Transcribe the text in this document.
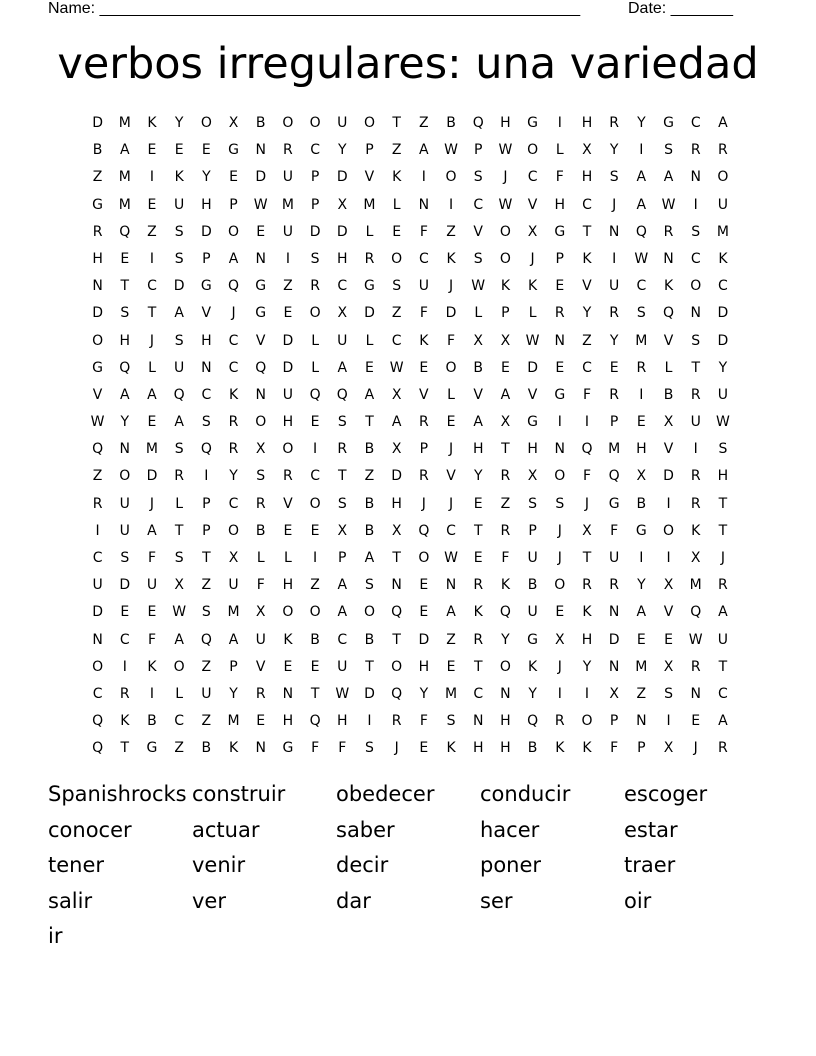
Name: ______________________________________________________	Date: _______
verbos irregulares: una variedad
D	M	K	Y	O	X	B	O	O	U	O	T	Z	B	Q	H	G	I	H	R	Y	G	C	A
B	A	E	E	E	G	N	R	C	Y	P	Z	A	W	P	W	O	L	X	Y	I	S	R	R
Z	M	I	K	Y	E	D	U	P	D	V	K	I	O	S	J	C	F	H	S	A	A	N	O
G	M	E	U	H	P	W	M	P	X	M	L	N	I	C	W	V	H	C	J	A	W	I	U
R	Q	Z	S	D	O	E	U	D	D	L	E	F	Z	V	O	X	G	T	N	Q	R	S	M
H	E	I	S	P	A	N	I	S	H	R	O	C	K	S	O	J	P	K	I	W	N	C	K
N	T	C	D	G	Q	G	Z	R	C	G	S	U	J	W	K	K	E	V	U	C	K	O	C
D	S	T	A	V	J	G	E	O	X	D	Z	F	D	L	P	L	R	Y	R	S	Q	N	D
O	H	J	S	H	C	V	D	L	U	L	C	K	F	X	X	W	N	Z	Y	M	V	S	D
G	Q	L	U	N	C	Q	D	L	A	E	W	E	O	B	E	D	E	C	E	R	L	T	Y
V	A	A	Q	C	K	N	U	Q	Q	A	X	V	L	V	A	V	G	F	R	I	B	R	U
W	Y	E	A	S	R	O	H	E	S	T	A	R	E	A	X	G	I	I	P	E	X	U	W
Q	N	M	S	Q	R	X	O	I	R	B	X	P	J	H	T	H	N	Q	M	H	V	I	S
Z	O	D	R	I	Y	S	R	C	T	Z	D	R	V	Y	R	X	O	F	Q	X	D	R	H
R	U	J	L	P	C	R	V	O	S	B	H	J	J	E	Z	S	S	J	G	B	I	R	T
I	U	A	T	P	O	B	E	E	X	B	X	Q	C	T	R	P	J	X	F	G	O	K	T
C	S	F	S	T	X	L	L	I	P	A	T	O	W	E	F	U	J	T	U	I	I	X	J
U	D	U	X	Z	U	F	H	Z	A	S	N	E	N	R	K	B	O	R	R	Y	X	M	R
D	E	E	W	S	M	X	O	O	A	O	Q	E	A	K	Q	U	E	K	N	A	V	Q	A
N	C	F	A	Q	A	U	K	B	C	B	T	D	Z	R	Y	G	X	H	D	E	E	W	U
O	I	K	O	Z	P	V	E	E	U	T	O	H	E	T	O	K	J	Y	N	M	X	R	T
C	R	I	L	U	Y	R	N	T	W	D	Q	Y	M	C	N	Y	I	I	X	Z	S	N	C
Q	K	B	C	Z	M	E	H	Q	H	I	R	F	S	N	H	Q	R	O	P	N	I	E	A
Q	T	G	Z	B	K	N	G	F	F	S	J	E	K	H	H	B	K	K	F	P	X	J	R
Spanishrocks construir	obedecer	conducir	escoger
conocer	actuar	saber	hacer	estar
tener	venir	decir	poner	traer
salir	ver	dar	ser	oir
ir
